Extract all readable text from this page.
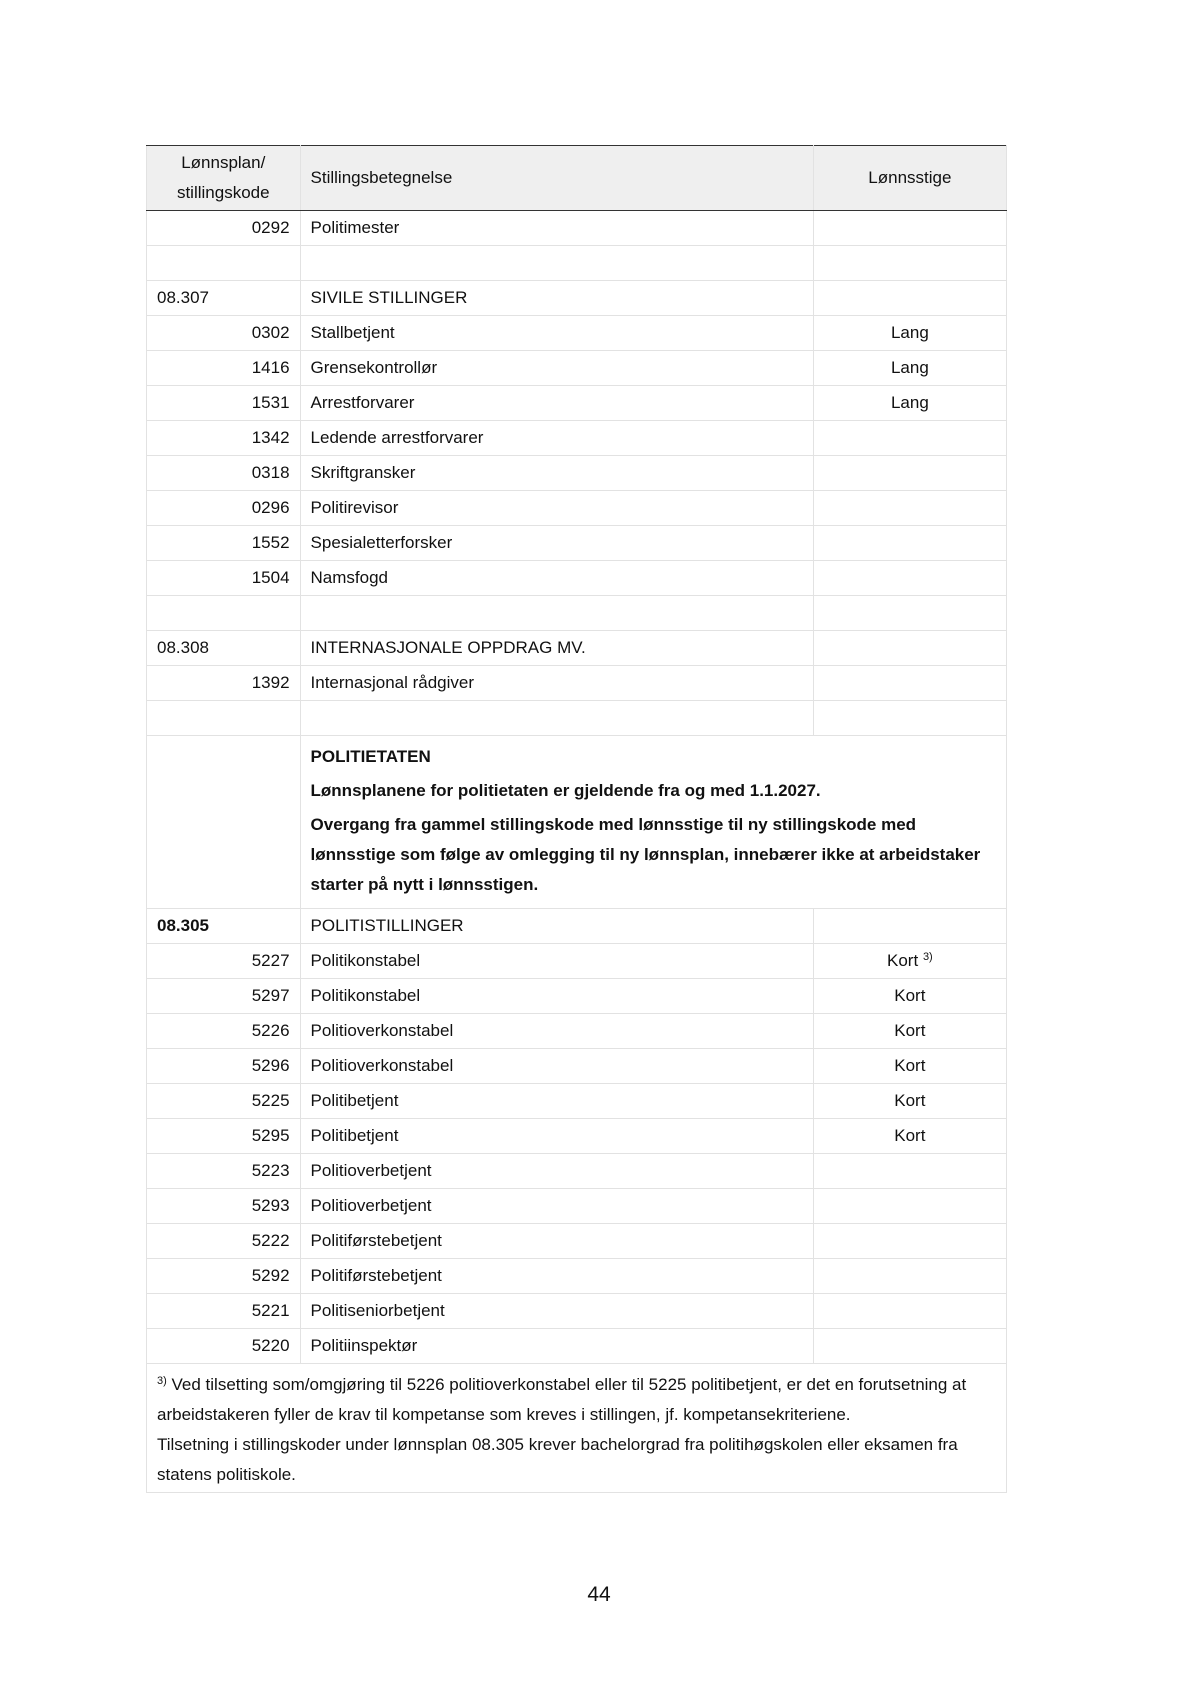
Lønnsplan/ stillingskode	Stillingsbetegnelse	Lønnsstige
0292	Politimester	

08.307	SIVILE STILLINGER	
0302	Stallbetjent	Lang
1416	Grensekontrollør	Lang
1531	Arrestforvarer	Lang
1342	Ledende arrestforvarer	
0318	Skriftgransker	
0296	Politirevisor	
1552	Spesialetterforsker	
1504	Namsfogd	

08.308	INTERNASJONALE OPPDRAG MV.	
1392	Internasjonal rådgiver	

	POLITIETATEN

Lønnsplanene for politietaten er gjeldende fra og med 1.1.2027.

Overgang fra gammel stillingskode med lønnsstige til ny stillingskode med lønnsstige som følge av omlegging til ny lønnsplan, innebærer ikke at arbeidstaker starter på nytt i lønnsstigen.	

08.305	POLITISTILLINGER	
5227	Politikonstabel	Kort $^{3)}$
5297	Politikonstabel	Kort
5226	Politioverkonstabel	Kort
5296	Politioverkonstabel	Kort
5225	Politibetjent	Kort
5295	Politibetjent	Kort
5223	Politioverbetjent	
5293	Politioverbetjent	
5222	Politiførstebetjent	
5292	Politiførstebetjent	
5221	Politiseniorbetjent	
5220	Politiinspektør	

$^{3)}$ Ved tilsetting som/omgjøring til 5226 politioverkonstabel eller til 5225 politibetjent, er det en forutsetning at arbeidstakeren fyller de krav til kompetanse som kreves i stillingen, jf. kompetansekriteriene.

Tilsetning i stillingskoder under lønnsplan 08.305 krever bachelorgrad fra politihøgskolen eller eksamen fra statens politiskole.		

44
